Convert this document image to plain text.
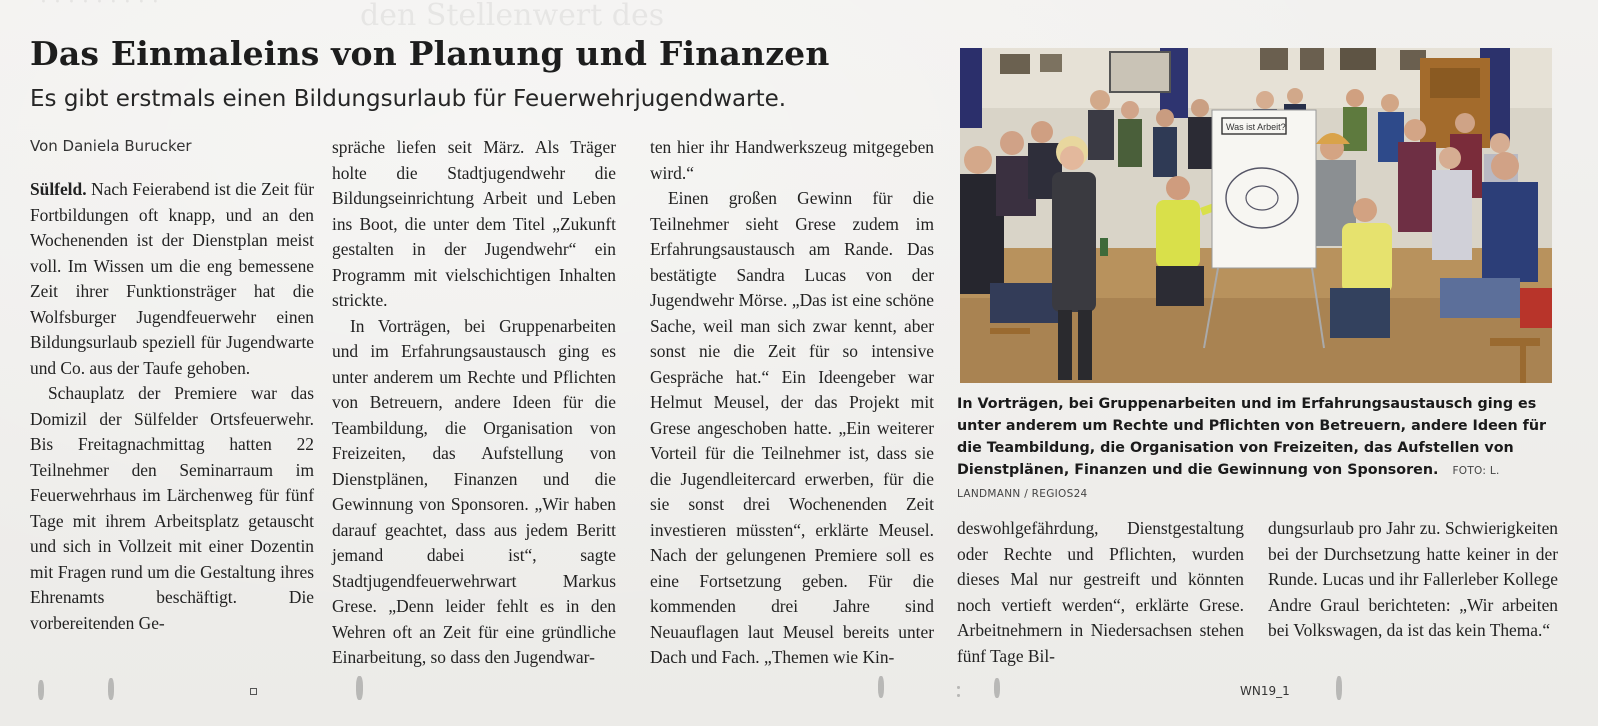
den Stellenwert des
· · · · · · · · ·
Das Einmaleins von Planung und Finanzen
Es gibt erstmals einen Bildungsurlaub für Feuerwehrjugendwarte.
Von Daniela Burucker

Sülfeld. Nach Feierabend ist die Zeit für Fortbildungen oft knapp, und an den Wochenenden ist der Dienstplan meist voll. Im Wissen um die eng bemessene Zeit ihrer Funktionsträger hat die Wolfsburger Jugendfeuerwehr einen Bildungsurlaub speziell für Jugendwarte und Co. aus der Taufe gehoben.

Schauplatz der Premiere war das Domizil der Sülfelder Ortsfeuerwehr. Bis Freitagnachmittag hatten 22 Teilnehmer den Seminarraum im Feuerwehrhaus im Lärchenweg für fünf Tage mit ihrem Arbeitsplatz getauscht und sich in Vollzeit mit einer Dozentin mit Fragen rund um die Gestaltung ihres Ehrenamts beschäftigt. Die vorbereitenden Ge-

spräche liefen seit März. Als Träger holte die Stadtjugendwehr die Bildungseinrichtung Arbeit und Leben ins Boot, die unter dem Titel „Zukunft gestalten in der Jugendwehr“ ein Programm mit vielschichtigen Inhalten strickte.

In Vorträgen, bei Gruppenarbeiten und im Erfahrungsaustausch ging es unter anderem um Rechte und Pflichten von Betreuern, andere Ideen für die Teambildung, die Organisation von Freizeiten, das Aufstellung von Dienstplänen, Finanzen und die Gewinnung von Sponsoren. „Wir haben darauf geachtet, dass aus jedem Beritt jemand dabei ist“, sagte Stadtjugendfeuerwehrwart Markus Grese. „Denn leider fehlt es in den Wehren oft an Zeit für eine gründliche Einarbeitung, so dass den Jugendwar-

ten hier ihr Handwerkszeug mitgegeben wird.“

Einen großen Gewinn für die Teilnehmer sieht Grese zudem im Erfahrungsaustausch am Rande. Das bestätigte Sandra Lucas von der Jugendwehr Mörse. „Das ist eine schöne Sache, weil man sich zwar kennt, aber sonst nie die Zeit für so intensive Gespräche hat.“ Ein Ideengeber war Helmut Meusel, der das Projekt mit Grese angeschoben hatte. „Ein weiterer Vorteil für die Teilnehmer ist, dass sie die Jugendleitercard erwerben, für die sie sonst drei Wochenenden Zeit investieren müssten“, erklärte Meusel. Nach der gelungenen Premiere soll es eine Fortsetzung geben. Für die kommenden drei Jahre sind Neuauflagen laut Meusel bereits unter Dach und Fach. „Themen wie Kin-

Was ist Arbeit?
In Vorträgen, bei Gruppenarbeiten und im Erfahrungsaustausch ging es unter anderem um Rechte und Pflichten von Betreuern, andere Ideen für die Teambildung, die Organisation von Freizeiten, das Aufstellen von Dienstplänen, Finanzen und die Gewinnung von Sponsoren. FOTO: L. LANDMANN / REGIOS24

deswohlgefährdung, Dienstgestaltung oder Rechte und Pflichten, wurden dieses Mal nur gestreift und könnten noch vertieft werden“, erklärte Grese. Arbeitnehmern in Niedersachsen stehen fünf Tage Bil-

dungsurlaub pro Jahr zu. Schwierigkeiten bei der Durchsetzung hatte keiner in der Runde. Lucas und ihr Fallerleber Kollege Andre Graul berichteten: „Wir arbeiten bei Volkswagen, da ist das kein Thema.“

WN19_1
